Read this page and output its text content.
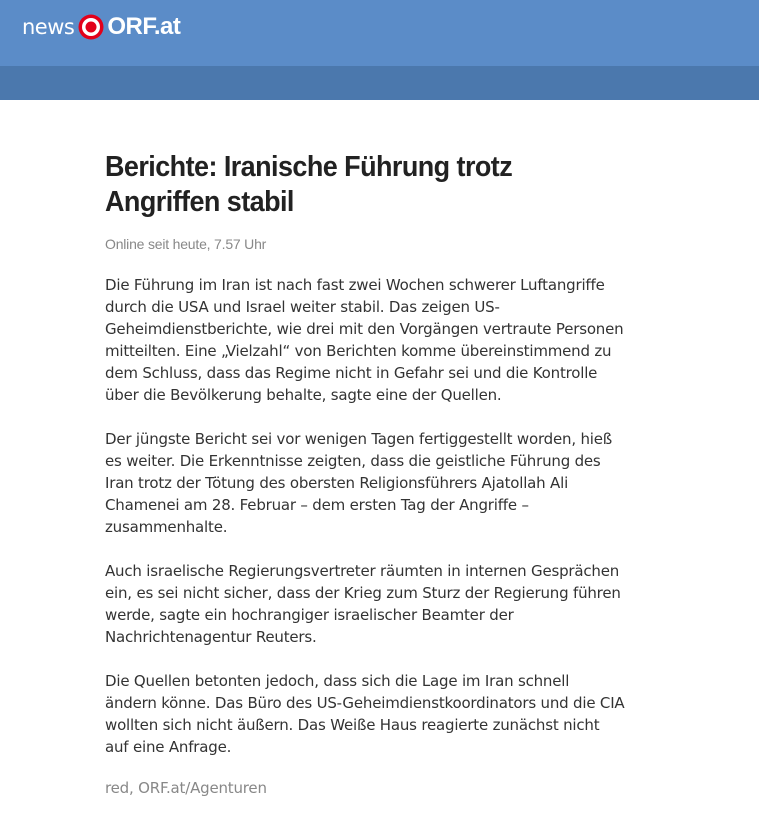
news ORF.at
Berichte: Iranische Führung trotz
Angriffen stabil
Online seit heute, 7.57 Uhr

Die Führung im Iran ist nach fast zwei Wochen schwerer Luftangriffe durch die USA und Israel weiter stabil. Das zeigen US-Geheimdienstberichte, wie drei mit den Vorgängen vertraute Personen mitteilten. Eine „Vielzahl“ von Berichten komme übereinstimmend zu dem Schluss, dass das Regime nicht in Gefahr sei und die Kontrolle über die Bevölkerung behalte, sagte eine der Quellen.

Der jüngste Bericht sei vor wenigen Tagen fertiggestellt worden, hieß es weiter. Die Erkenntnisse zeigten, dass die geistliche Führung des Iran trotz der Tötung des obersten Religionsführers Ajatollah Ali Chamenei am 28. Februar – dem ersten Tag der Angriffe – zusammenhalte.

Auch israelische Regierungsvertreter räumten in internen Gesprächen ein, es sei nicht sicher, dass der Krieg zum Sturz der Regierung führen werde, sagte ein hochrangiger israelischer Beamter der Nachrichtenagentur Reuters.

Die Quellen betonten jedoch, dass sich die Lage im Iran schnell ändern könne. Das Büro des US-Geheimdienstkoordinators und die CIA wollten sich nicht äußern. Das Weiße Haus reagierte zunächst nicht auf eine Anfrage.

red, ORF.at/Agenturen
